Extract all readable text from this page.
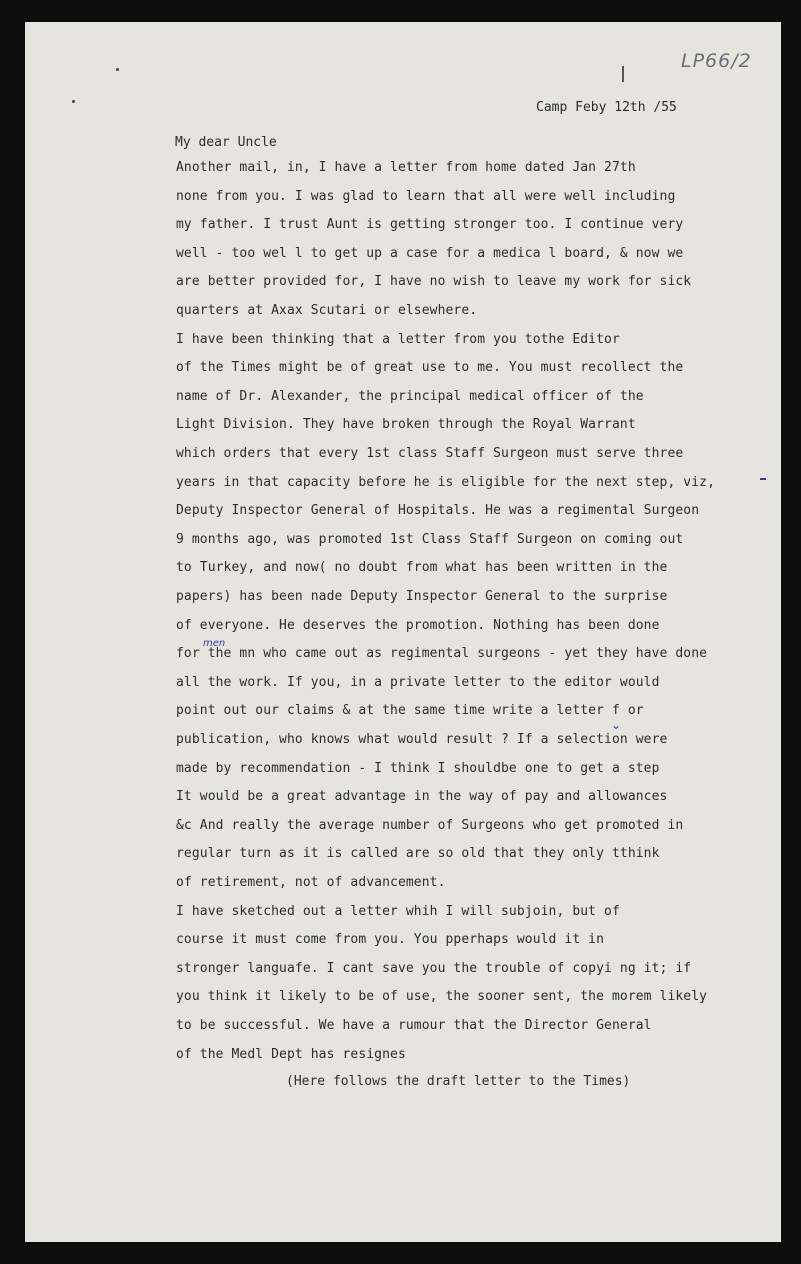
LP66/2
Camp Feby 12th /55
My dear Uncle
Another mail, in, I have a letter from home dated Jan 27th
none from you. I was glad to learn that all were well including
my father. I trust Aunt is getting stronger too. I continue very
well - too wel l to get up a case for a medica l board, & now we
are better provided for, I have no wish to leave my work for sick
quarters at Axax Scutari or elsewhere.
I have been thinking that a letter from you tothe Editor
of the Times might be of great use to me. You must recollect the
name of Dr. Alexander, the principal medical officer of the
Light Division. They have broken through the Royal Warrant
which orders that every 1st class Staff Surgeon must serve three
years in that capacity before he is eligible for the next step, viz,
Deputy Inspector General of Hospitals. He was a regimental Surgeon
9 months ago, was promoted 1st Class Staff Surgeon on coming out
to Turkey, and now( no doubt from what has been written in the
papers) has been nade Deputy Inspector General to the surprise
of everyone. He deserves the promotion. Nothing has been done
for the mn who came out as regimental surgeons - yet they have done
all the work. If you, in a private letter to the editor would
point out our claims & at the same time write a letter f or
publication, who knows what would result ? If a selection were
made by recommendation - I think I shouldbe one to get a step
It would be a great advantage in the way of pay and allowances
&c And really the average number of Surgeons who get promoted in
regular turn as it is called are so old that they only tthink
of retirement, not of advancement.
I have sketched out a letter whih I will subjoin, but of
course it must come from you. You pperhaps would it in
stronger languafe. I cant save you the trouble of copyi ng it; if
you think it likely to be of use, the sooner sent, the morem likely
to be successful. We have a rumour that the Director General
of the Medl Dept has resignes
men
⌄
(Here follows the draft letter to the Times)
